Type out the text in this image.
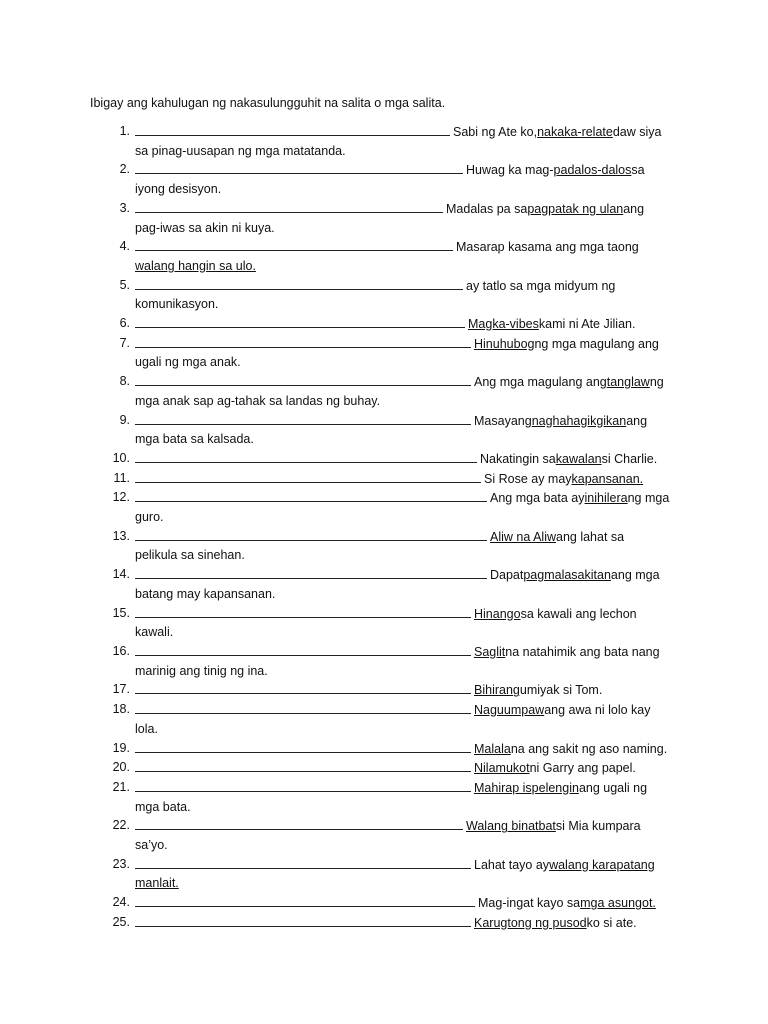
Ibigay ang kahulugan ng nakasulungguhit na salita o mga salita.
1.	Sabi ng Ate ko, nakaka-relate daw siya
sa pinag-uusapan ng mga matatanda.
2.	Huwag ka mag- padalos-dalos sa
iyong desisyon.
3.	Madalas pa sa pagpatak ng ulan ang
pag-iwas sa akin ni kuya.
4.	Masarap kasama ang mga taong
walang hangin sa ulo.
5.	ay tatlo sa mga midyum ng
komunikasyon.
6.	Magka-vibes kami ni Ate Jilian.
7.	Hinuhubog ng mga magulang ang
ugali ng mga anak.
8.	Ang mga magulang ang tanglaw ng
mga anak sap ag-tahak sa landas ng buhay.
9.	Masayang naghahagikgikan ang
mga bata sa kalsada.
10.	Nakatingin sa kawalan si Charlie.
11.	Si Rose ay may kapansanan.
12.	Ang mga bata ay inihilera ng mga
guro.
13.	Aliw na Aliw ang lahat sa
pelikula sa sinehan.
14.	Dapat pagmalasakitan ang mga
batang may kapansanan.
15.	Hinango sa kawali ang lechon
kawali.
16.	Saglit na natahimik ang bata nang
marinig ang tinig ng ina.
17.	Bihirang umiyak si Tom.
18.	Naguumpaw ang awa ni lolo kay
lola.
19.	Malala na ang sakit ng aso naming.
20.	Nilamukot ni Garry ang papel.
21.	Mahirap ispelengin ang ugali ng
mga bata.
22.	Walang binatbat si Mia kumpara
sa’yo.
23.	Lahat tayo ay walang karapatang
manlait.
24.	Mag-ingat kayo sa mga asungot.
25.	Karugtong ng pusod ko si ate.
